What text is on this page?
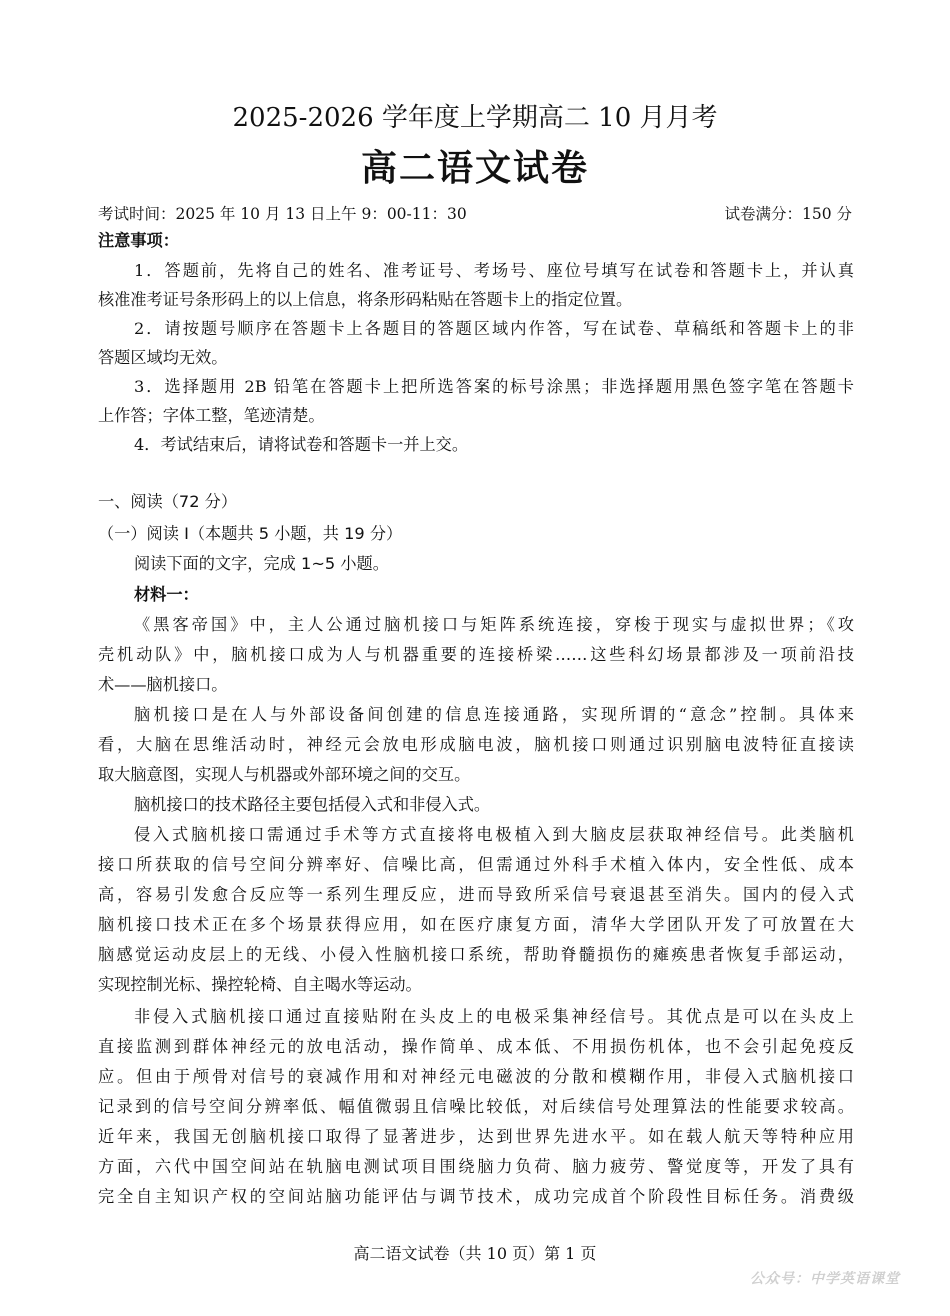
2025-2026 学年度上学期高二 10 月月考
高二语文试卷
考试时间：2025 年 10 月 13 日上午 9：00-11：30	试卷满分：150 分
注意事项：
1．答题前，先将自己的姓名、准考证号、考场号、座位号填写在试卷和答题卡上，并认真
核准准考证号条形码上的以上信息，将条形码粘贴在答题卡上的指定位置。
2．请按题号顺序在答题卡上各题目的答题区域内作答，写在试卷、草稿纸和答题卡上的非
答题区域均无效。
3．选择题用 2B 铅笔在答题卡上把所选答案的标号涂黑；非选择题用黑色签字笔在答题卡
上作答；字体工整，笔迹清楚。
4．考试结束后，请将试卷和答题卡一并上交。
一、阅读（72 分）
（一）阅读 I（本题共 5 小题，共 19 分）
阅读下面的文字，完成 1~5 小题。
材料一：
《黑客帝国》中，主人公通过脑机接口与矩阵系统连接，穿梭于现实与虚拟世界；《攻
壳机动队》中，脑机接口成为人与机器重要的连接桥梁……这些科幻场景都涉及一项前沿技
术——脑机接口。
脑机接口是在人与外部设备间创建的信息连接通路，实现所谓的“意念”控制。具体来
看，大脑在思维活动时，神经元会放电形成脑电波，脑机接口则通过识别脑电波特征直接读
取大脑意图，实现人与机器或外部环境之间的交互。
脑机接口的技术路径主要包括侵入式和非侵入式。
侵入式脑机接口需通过手术等方式直接将电极植入到大脑皮层获取神经信号。此类脑机
接口所获取的信号空间分辨率好、信噪比高，但需通过外科手术植入体内，安全性低、成本
高，容易引发愈合反应等一系列生理反应，进而导致所采信号衰退甚至消失。国内的侵入式
脑机接口技术正在多个场景获得应用，如在医疗康复方面，清华大学团队开发了可放置在大
脑感觉运动皮层上的无线、小侵入性脑机接口系统，帮助脊髓损伤的瘫痪患者恢复手部运动，
实现控制光标、操控轮椅、自主喝水等运动。
非侵入式脑机接口通过直接贴附在头皮上的电极采集神经信号。其优点是可以在头皮上
直接监测到群体神经元的放电活动，操作简单、成本低、不用损伤机体，也不会引起免疫反
应。但由于颅骨对信号的衰减作用和对神经元电磁波的分散和模糊作用，非侵入式脑机接口
记录到的信号空间分辨率低、幅值微弱且信噪比较低，对后续信号处理算法的性能要求较高。
近年来，我国无创脑机接口取得了显著进步，达到世界先进水平。如在载人航天等特种应用
方面，六代中国空间站在轨脑电测试项目围绕脑力负荷、脑力疲劳、警觉度等，开发了具有
完全自主知识产权的空间站脑功能评估与调节技术，成功完成首个阶段性目标任务。消费级
高二语文试卷（共 10 页）第 1 页
公众号：中学英语课堂
